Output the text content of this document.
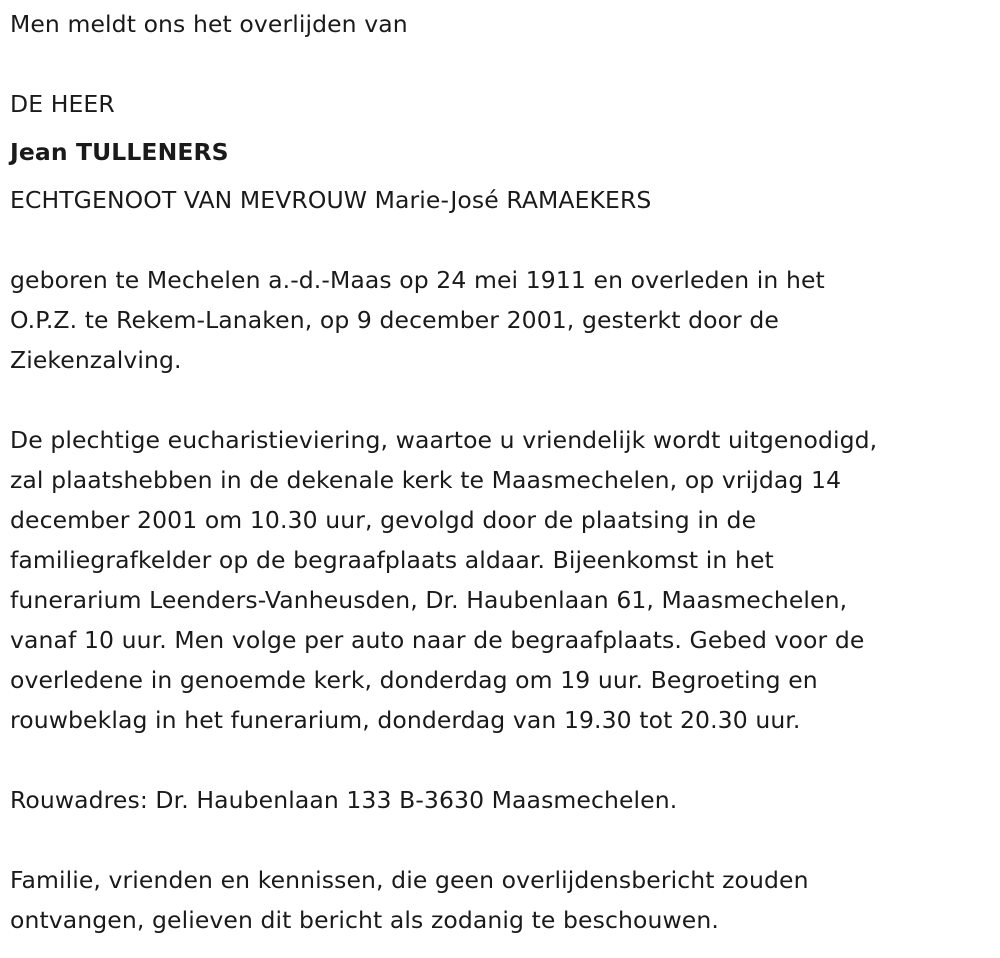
Men meldt ons het overlijden van

DE HEER

Jean TULLENERS

ECHTGENOOT VAN MEVROUW Marie-José RAMAEKERS

geboren te Mechelen a.-d.-Maas op 24 mei 1911 en overleden in het

O.P.Z. te Rekem-Lanaken, op 9 december 2001, gesterkt door de

Ziekenzalving.

De plechtige eucharistieviering, waartoe u vriendelijk wordt uitgenodigd,

zal plaatshebben in de dekenale kerk te Maasmechelen, op vrijdag 14

december 2001 om 10.30 uur, gevolgd door de plaatsing in de

familiegrafkelder op de begraafplaats aldaar. Bijeenkomst in het

funerarium Leenders-Vanheusden, Dr. Haubenlaan 61, Maasmechelen,

vanaf 10 uur. Men volge per auto naar de begraafplaats. Gebed voor de

overledene in genoemde kerk, donderdag om 19 uur. Begroeting en

rouwbeklag in het funerarium, donderdag van 19.30 tot 20.30 uur.

Rouwadres: Dr. Haubenlaan 133 B-3630 Maasmechelen.

Familie, vrienden en kennissen, die geen overlijdensbericht zouden

ontvangen, gelieven dit bericht als zodanig te beschouwen.
